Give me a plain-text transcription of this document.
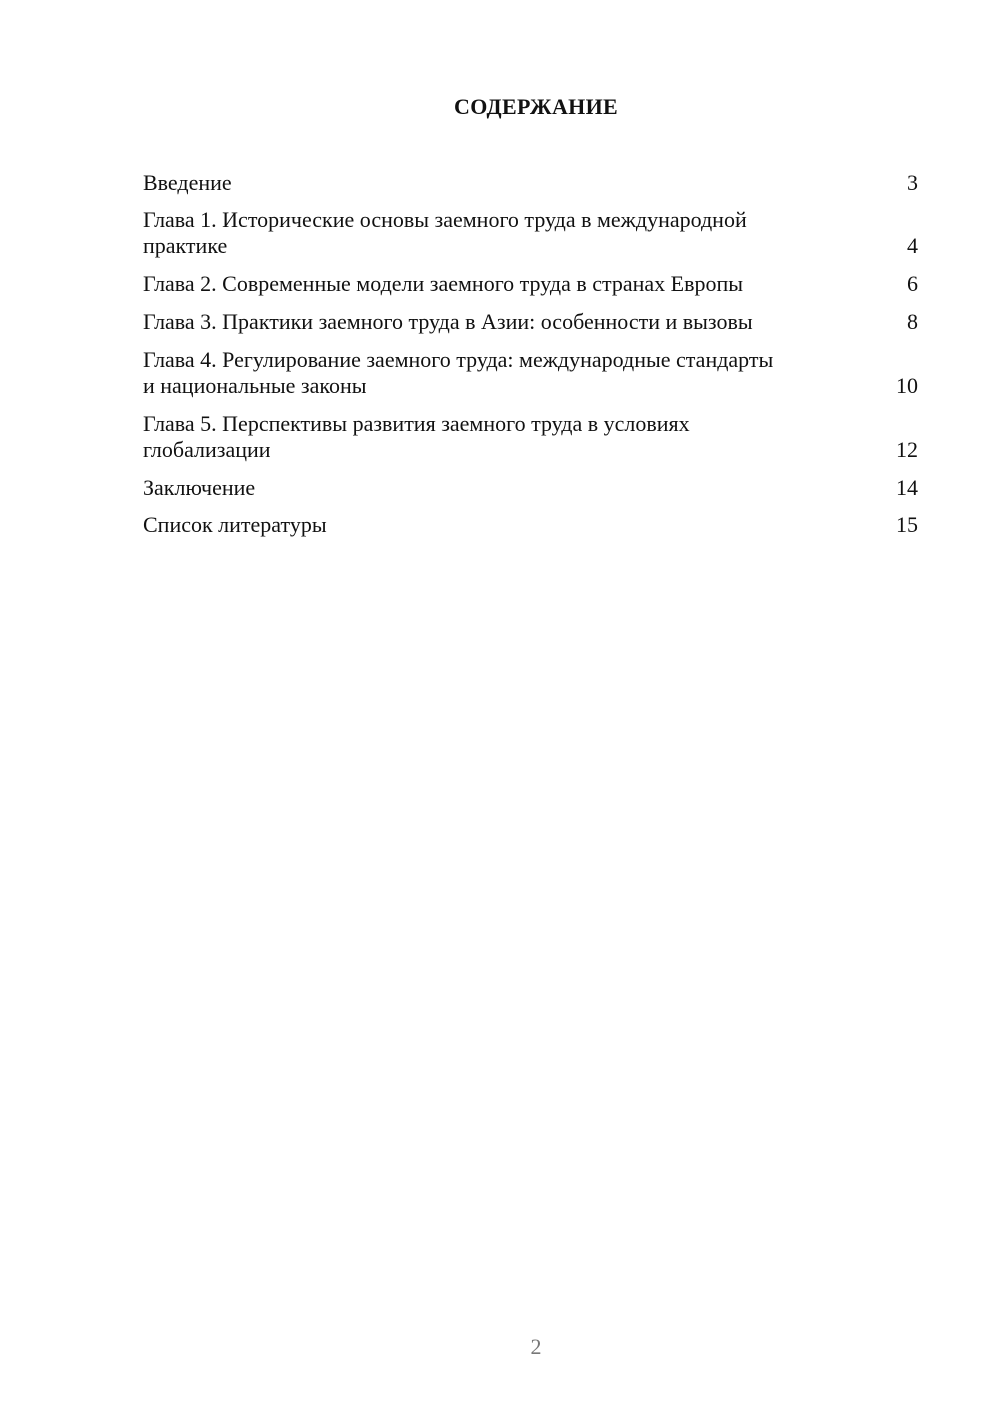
СОДЕРЖАНИЕ
Введение	3
Глава 1. Исторические основы заемного труда в международной практике	4
Глава 2. Современные модели заемного труда в странах Европы	6
Глава 3. Практики заемного труда в Азии: особенности и вызовы	8
Глава 4. Регулирование заемного труда: международные стандарты и национальные законы	10
Глава 5. Перспективы развития заемного труда в условиях глобализации	12
Заключение	14
Список литературы	15
2
